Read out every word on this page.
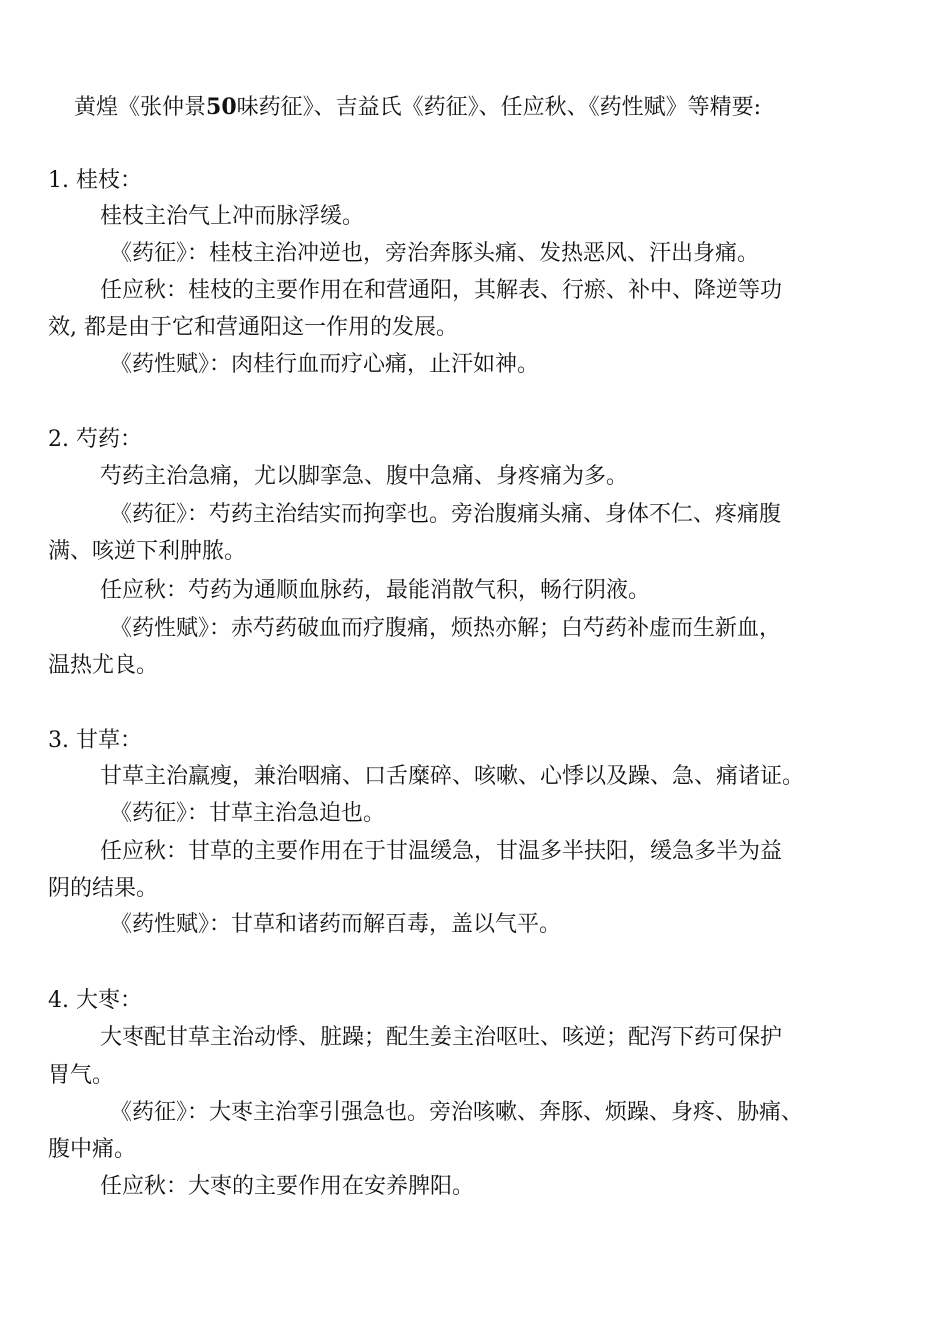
黄煌《张仲景50味药征》、吉益氏《药征》、任应秋、《药性赋》等精要:
1. 桂枝：
桂枝主治气上冲而脉浮缓。
《药征》：桂枝主治冲逆也，旁治奔豚头痛、发热恶风、汗出身痛。
任应秋：桂枝的主要作用在和营通阳，其解表、行瘀、补中、降逆等功
效, 都是由于它和营通阳这一作用的发展。
《药性赋》：肉桂行血而疗心痛，止汗如神。
2. 芍药：
芍药主治急痛，尤以脚挛急、腹中急痛、身疼痛为多。
《药征》：芍药主治结实而拘挛也。旁治腹痛头痛、身体不仁、疼痛腹
满、咳逆下利肿脓。
任应秋：芍药为通顺血脉药，最能消散气积，畅行阴液。
《药性赋》：赤芍药破血而疗腹痛，烦热亦解；白芍药补虚而生新血，
温热尤良。
3. 甘草：
甘草主治羸瘦，兼治咽痛、口舌糜碎、咳嗽、心悸以及躁、急、痛诸证。
《药征》：甘草主治急迫也。
任应秋：甘草的主要作用在于甘温缓急，甘温多半扶阳，缓急多半为益
阴的结果。
《药性赋》：甘草和诸药而解百毒，盖以气平。
4. 大枣：
大枣配甘草主治动悸、脏躁；配生姜主治呕吐、咳逆；配泻下药可保护
胃气。
《药征》：大枣主治挛引强急也。旁治咳嗽、奔豚、烦躁、身疼、胁痛、
腹中痛。
任应秋：大枣的主要作用在安养脾阳。
